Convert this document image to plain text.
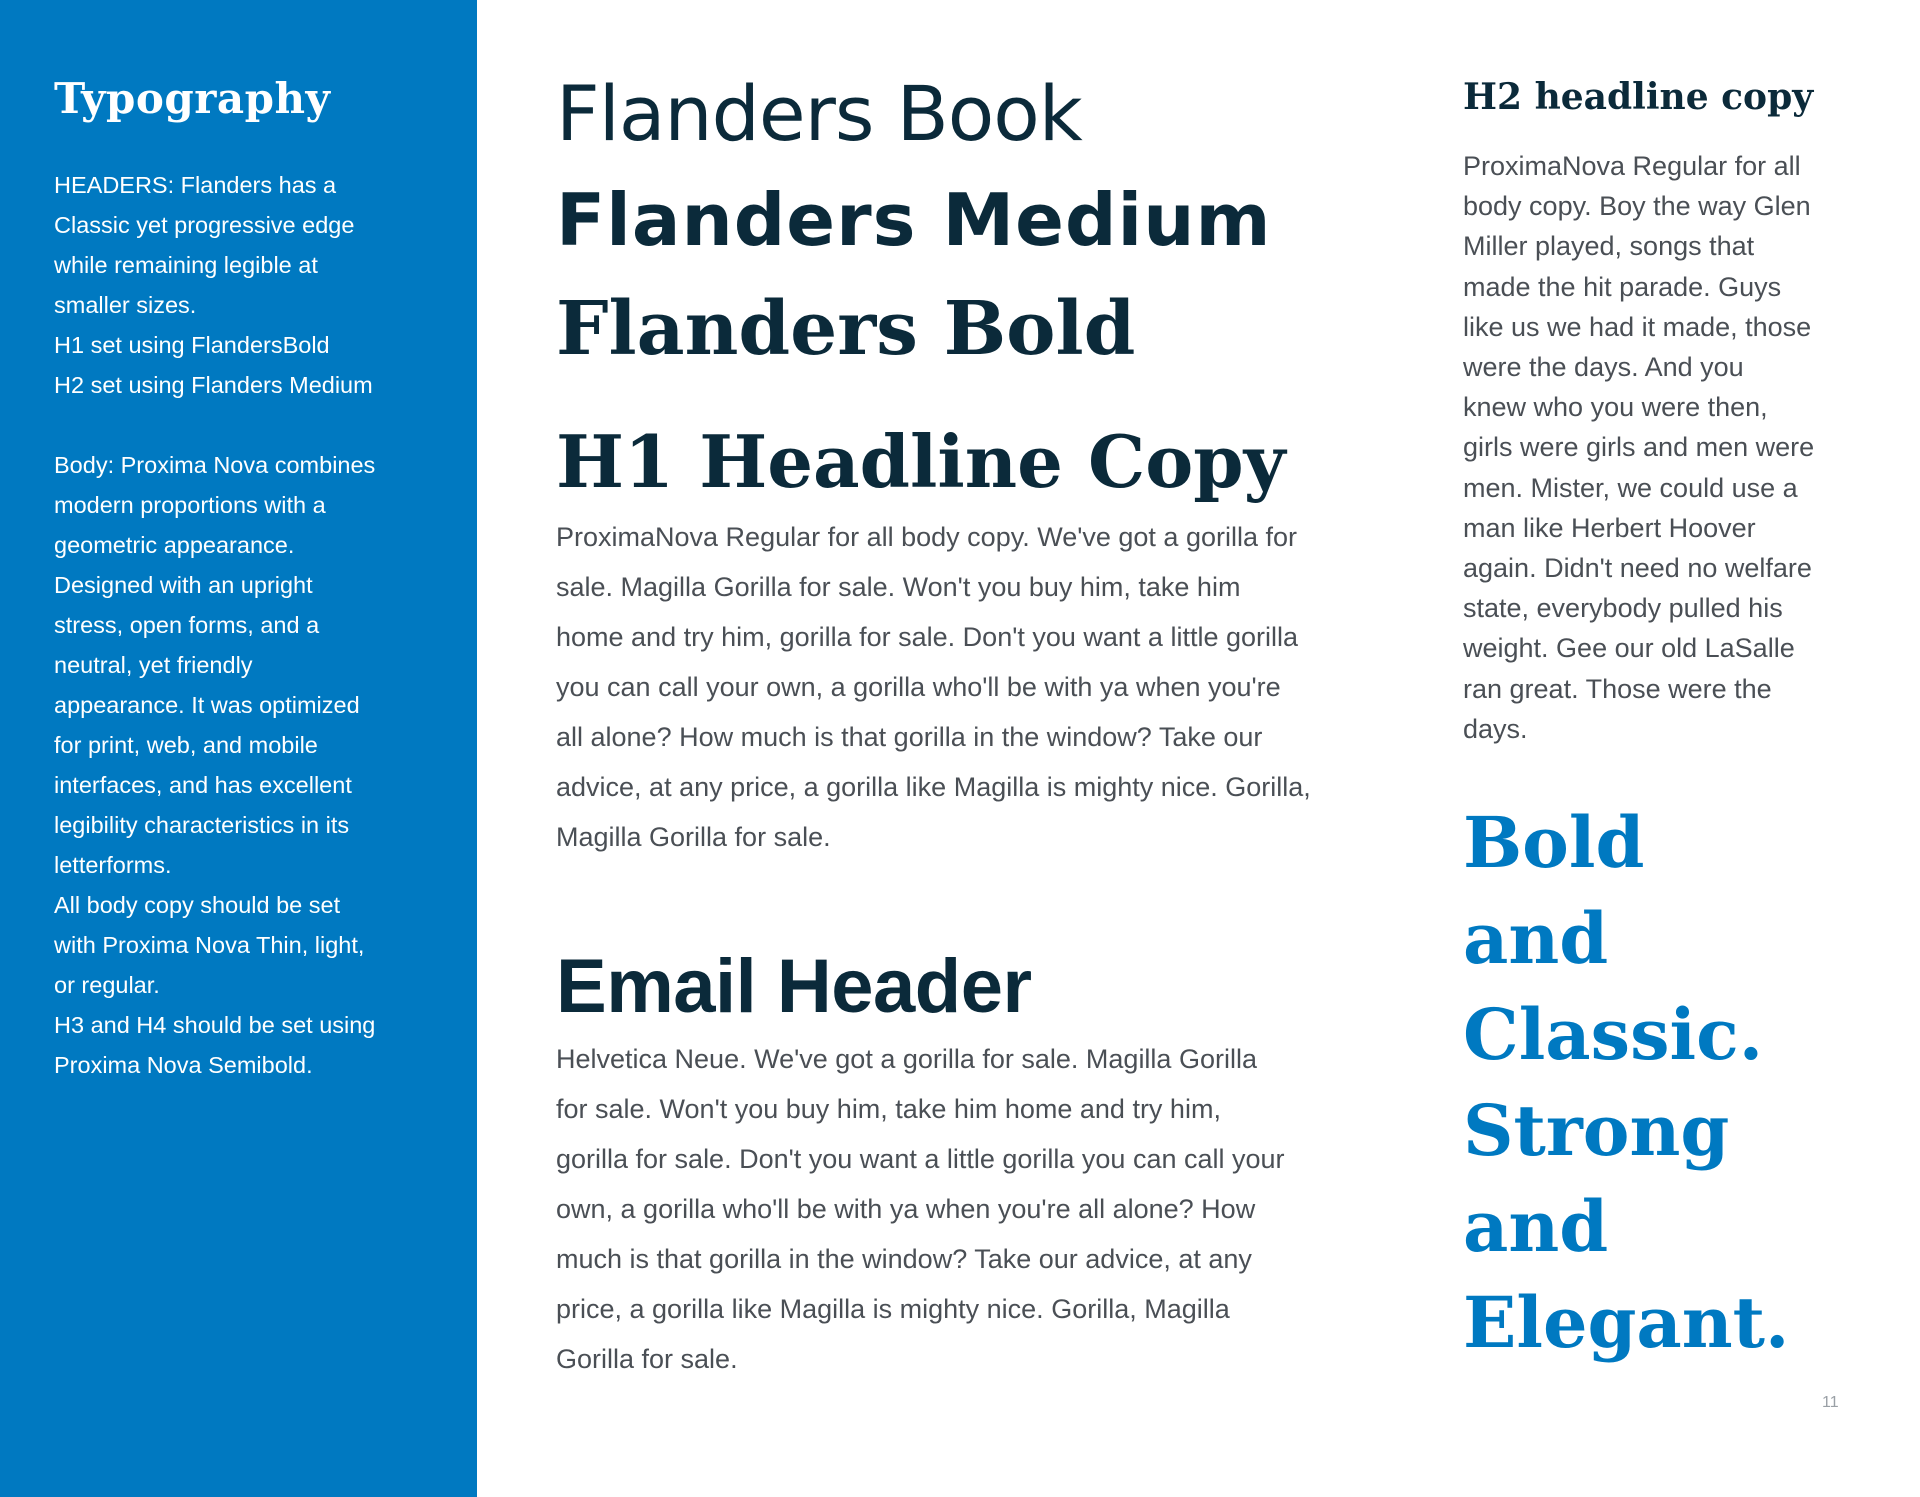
Typography
HEADERS: Flanders has a
Classic yet progressive edge
while remaining legible at
smaller sizes.
H1 set using FlandersBold
H2 set using Flanders Medium
Body: Proxima Nova combines
modern proportions with a
geometric appearance.
Designed with an upright
stress, open forms, and a
neutral, yet friendly
appearance. It was optimized
for print, web, and mobile
interfaces, and has excellent
legibility characteristics in its
letterforms.
All body copy should be set
with Proxima Nova Thin, light,
or regular.
H3 and H4 should be set using
Proxima Nova Semibold.
Flanders Book
Flanders Medium
Flanders Bold
H1 Headline Copy
ProximaNova Regular for all body copy. We've got a gorilla for
sale. Magilla Gorilla for sale. Won't you buy him, take him
home and try him, gorilla for sale. Don't you want a little gorilla
you can call your own, a gorilla who'll be with ya when you're
all alone? How much is that gorilla in the window? Take our
advice, at any price, a gorilla like Magilla is mighty nice. Gorilla,
Magilla Gorilla for sale.
Email Header
Helvetica Neue. We've got a gorilla for sale. Magilla Gorilla
for sale. Won't you buy him, take him home and try him,
gorilla for sale. Don't you want a little gorilla you can call your
own, a gorilla who'll be with ya when you're all alone? How
much is that gorilla in the window? Take our advice, at any
price, a gorilla like Magilla is mighty nice. Gorilla, Magilla
Gorilla for sale.
H2 headline copy
ProximaNova Regular for all
body copy. Boy the way Glen
Miller played, songs that
made the hit parade. Guys
like us we had it made, those
were the days. And you
knew who you were then,
girls were girls and men were
men. Mister, we could use a
man like Herbert Hoover
again. Didn't need no welfare
state, everybody pulled his
weight. Gee our old LaSalle
ran great. Those were the
days.
Bold
and
Classic.
Strong
and
Elegant.
11
